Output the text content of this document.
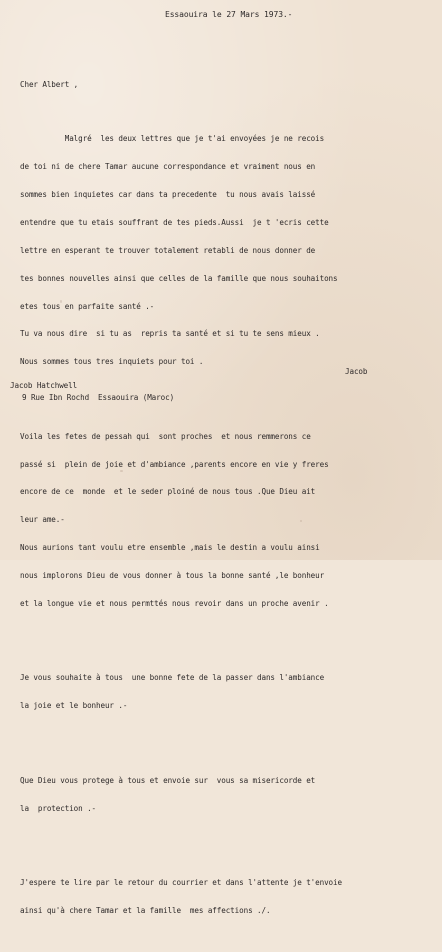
Essaouira le 27 Mars 1973.-
Cher Albert ,

Malgré  les deux lettres que je t'ai envoyées je ne recois

de toi ni de chere Tamar aucune correspondance et vraiment nous en

sommes bien inquietes car dans ta precedente  tu nous avais laissé

entendre que tu etais souffrant de tes pieds.Aussi  je t 'ecris cette

lettre en esperant te trouver totalement retabli de nous donner de

tes bonnes nouvelles ainsi que celles de la famille que nous souhaitons

etes tous en parfaite santé .-

Tu va nous dire  si tu as  repris ta santé et si tu te sens mieux .

Nous sommes tous tres inquiets pour toi .

Voila les fetes de pessah qui  sont proches  et nous remmerons ce

passé si  plein de joie et d'ambiance ,parents encore en vie y freres

encore de ce  monde  et le seder ploiné de nous tous .Que Dieu ait

leur ame.-

Nous aurions tant voulu etre ensemble ,mais le destin a voulu ainsi

nous implorons Dieu de vous donner à tous la bonne santé ,le bonheur

et la longue vie et nous permttés nous revoir dans un proche avenir .

Je vous souhaite à tous  une bonne fete de la passer dans l'ambiance

la joie et le bonheur .-

Que Dieu vous protege à tous et envoie sur  vous sa misericorde et

la  protection .-

J'espere te lire par le retour du courrier et dans l'attente je t'envoie

ainsi qu'à chere Tamar et la famille  mes affections ./.

Jacob
Jacob Hatchwell
9 Rue Ibn Rochd  Essaouira (Maroc)
